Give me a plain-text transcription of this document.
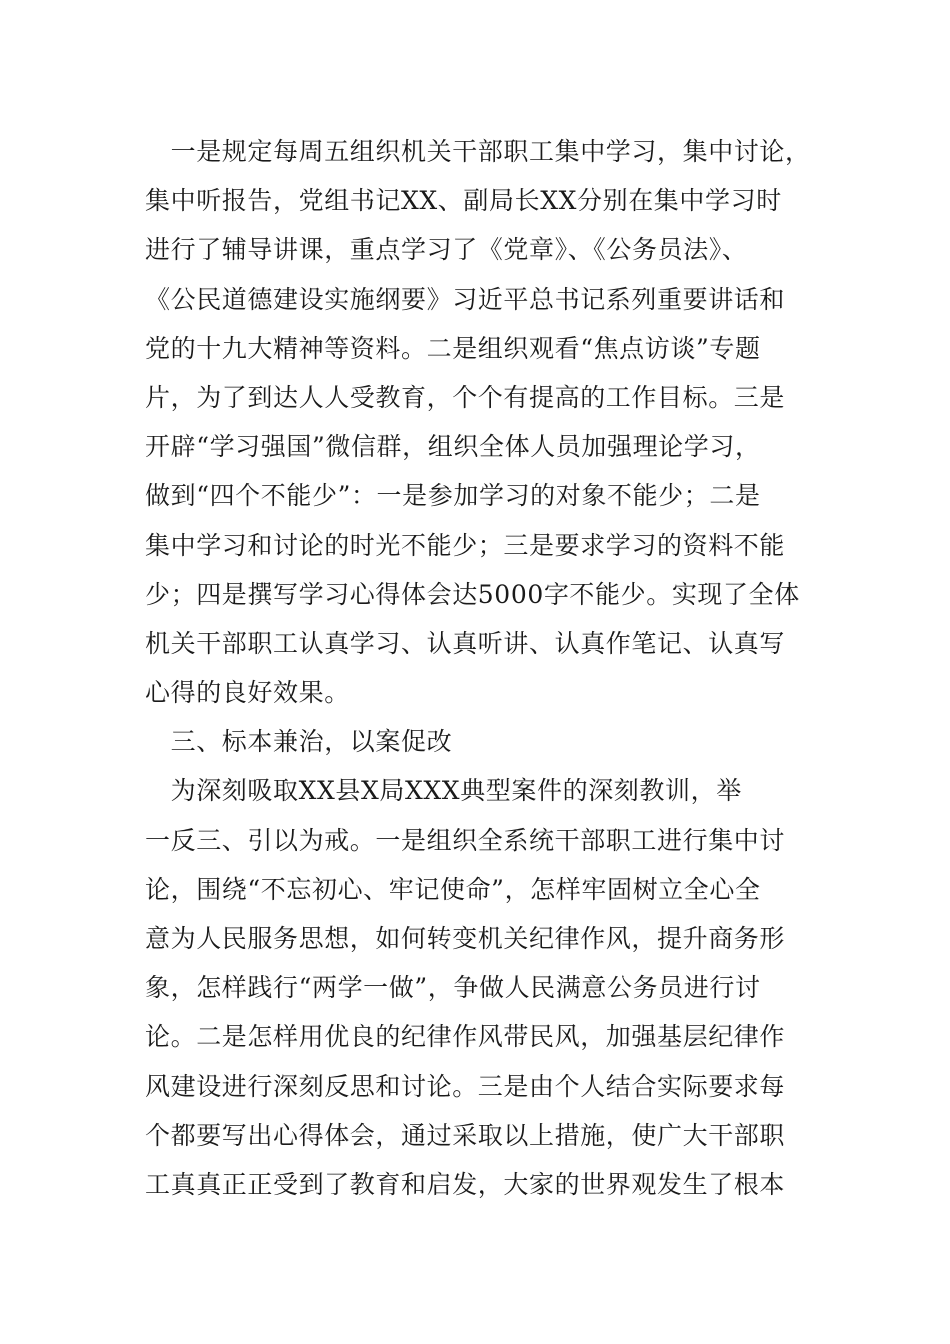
　一是规定每周五组织机关干部职工集中学习，集中讨论，
集中听报告，党组书记XX、副局长XX分别在集中学习时
进行了辅导讲课，重点学习了《党章》、《公务员法》、
《公民道德建设实施纲要》习近平总书记系列重要讲话和
党的十九大精神等资料。二是组织观看“焦点访谈”专题
片，为了到达人人受教育，个个有提高的工作目标。三是
开辟“学习强国”微信群，组织全体人员加强理论学习，
做到“四个不能少”：一是参加学习的对象不能少；二是
集中学习和讨论的时光不能少；三是要求学习的资料不能
少；四是撰写学习心得体会达5000字不能少。实现了全体
机关干部职工认真学习、认真听讲、认真作笔记、认真写
心得的良好效果。
　三、标本兼治，以案促改
　为深刻吸取XX县X局XXX典型案件的深刻教训，举
一反三、引以为戒。一是组织全系统干部职工进行集中讨
论，围绕“不忘初心、牢记使命”，怎样牢固树立全心全
意为人民服务思想，如何转变机关纪律作风，提升商务形
象，怎样践行“两学一做”，争做人民满意公务员进行讨
论。二是怎样用优良的纪律作风带民风，加强基层纪律作
风建设进行深刻反思和讨论。三是由个人结合实际要求每
个都要写出心得体会，通过采取以上措施，使广大干部职
工真真正正受到了教育和启发，大家的世界观发生了根本
